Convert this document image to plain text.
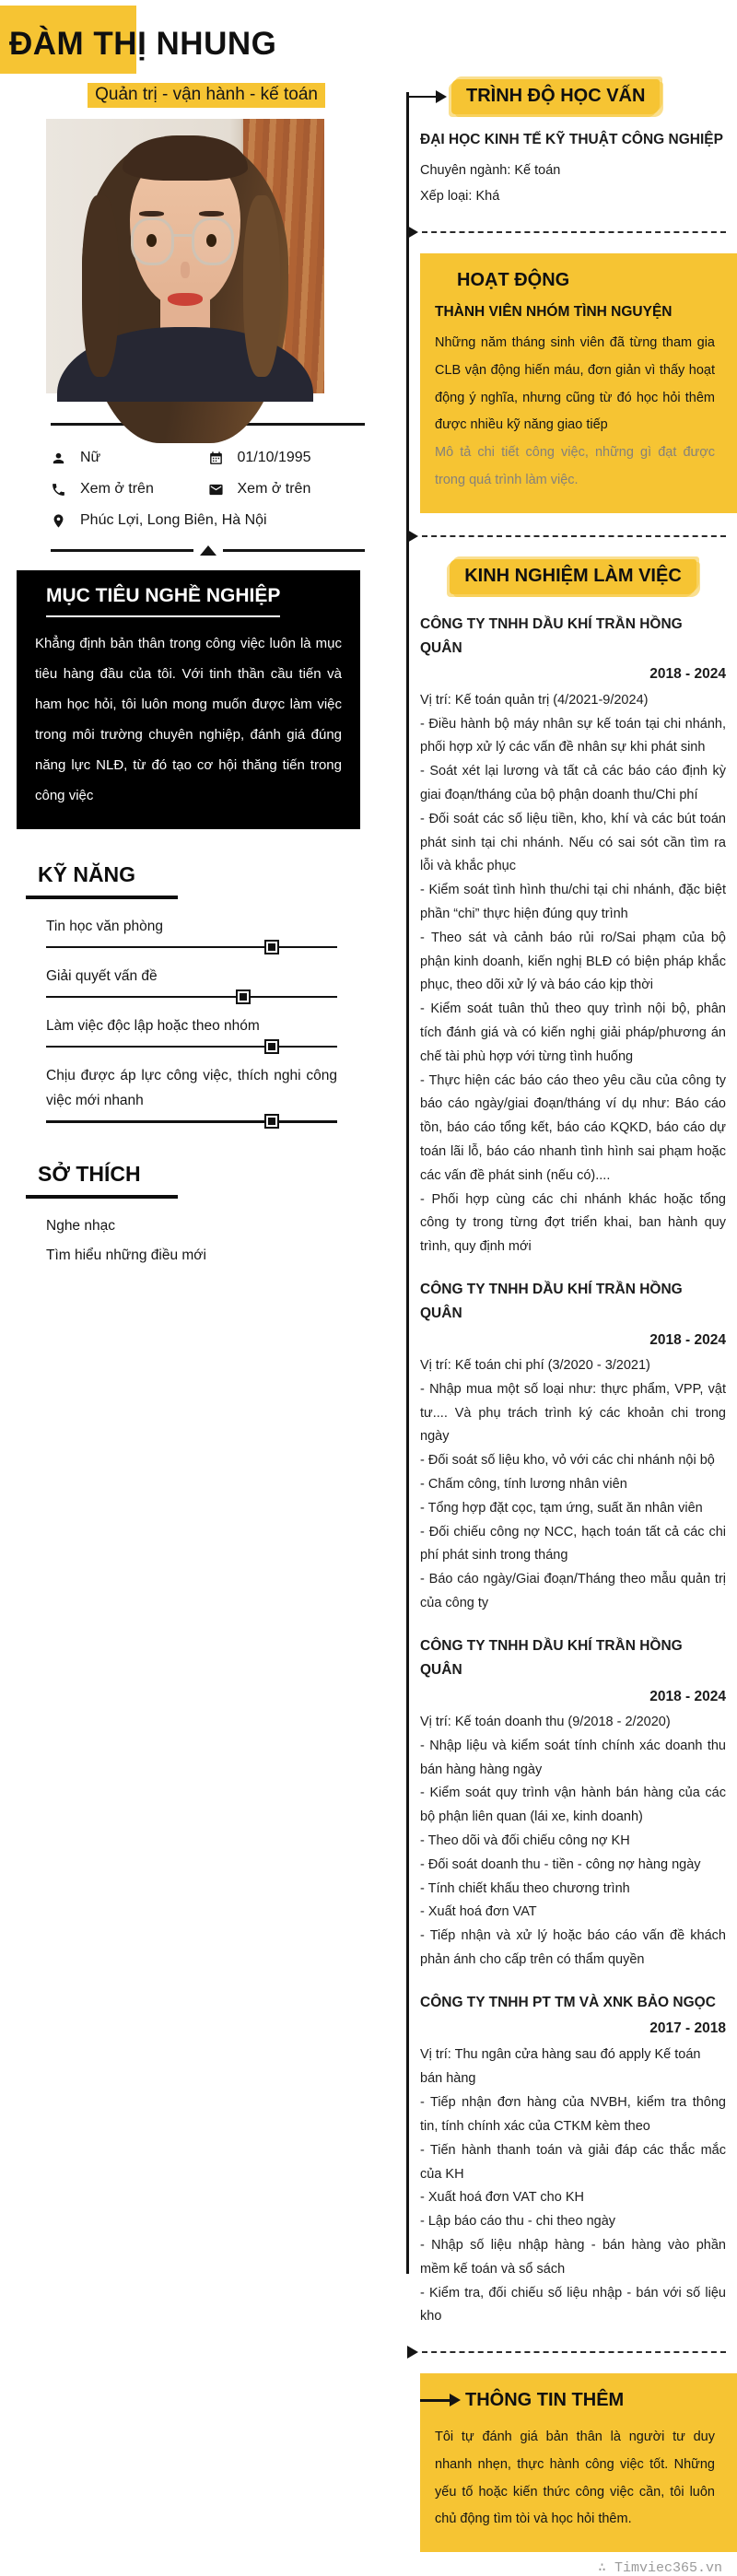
ĐÀM THỊ NHUNG
Quản trị - vận hành - kế toán
Nữ	01/10/1995
Xem ở trên	Xem ở trên
Phúc Lợi, Long Biên, Hà Nội
MỤC TIÊU NGHỀ NGHIỆP

Khẳng định bản thân trong công việc luôn là mục tiêu hàng đầu của tôi. Với tinh thần cầu tiến và ham học hỏi, tôi luôn mong muốn được làm việc trong môi trường chuyên nghiệp, đánh giá đúng năng lực NLĐ, từ đó tạo cơ hội thăng tiến trong công việc

KỸ NĂNG
Tin học văn phòng
Giải quyết vấn đề
Làm việc độc lập hoặc theo nhóm
Chịu được áp lực công việc, thích nghi công việc mới nhanh
SỞ THÍCH

Nghe nhạc

Tìm hiểu những điều mới

TRÌNH ĐỘ HỌC VẤN
ĐẠI HỌC KINH TẾ KỸ THUẬT CÔNG NGHIỆP

Chuyên ngành: Kế toán

Xếp loại: Khá

HOẠT ĐỘNG
THÀNH VIÊN NHÓM TÌNH NGUYỆN

Những năm tháng sinh viên đã từng tham gia CLB vận động hiến máu, đơn giản vì thấy hoạt động ý nghĩa, nhưng cũng từ đó học hỏi thêm được nhiều kỹ năng giao tiếp

Mô tả chi tiết công việc, những gì đạt được trong quá trình làm việc.

KINH NGHIỆM LÀM VIỆC
CÔNG TY TNHH DẦU KHÍ TRẦN HỒNG QUÂN
2018 - 2024
Vị trí: Kế toán quản trị (4/2021-9/2024)

- Điều hành bộ máy nhân sự kế toán tại chi nhánh, phối hợp xử lý các vấn đề nhân sự khi phát sinh

- Soát xét lại lương và tất cả các báo cáo định kỳ giai đoạn/tháng của bộ phận doanh thu/Chi phí

- Đối soát các số liệu tiền, kho, khí và các bút toán phát sinh tại chi nhánh. Nếu có sai sót cần tìm ra lỗi và khắc phục

- Kiểm soát tình hình thu/chi tại chi nhánh, đặc biệt phần “chi” thực hiện đúng quy trình

- Theo sát và cảnh báo rủi ro/Sai phạm của bộ phận kinh doanh, kiến nghị BLĐ có biện pháp khắc phục, theo dõi xử lý và báo cáo kịp thời

- Kiểm soát tuân thủ theo quy trình nội bộ, phân tích đánh giá và có kiến nghị giải pháp/phương án chế tài phù hợp với từng tình huống

- Thực hiện các báo cáo theo yêu cầu của công ty báo cáo ngày/giai đoạn/tháng ví dụ như: Báo cáo tồn, báo cáo tổng kết, báo cáo KQKD, báo cáo dự toán lãi lỗ, báo cáo nhanh tình hình sai phạm hoặc các vấn đề phát sinh (nếu có)....

- Phối hợp cùng các chi nhánh khác hoặc tổng công ty trong từng đợt triển khai, ban hành quy trình, quy định mới

CÔNG TY TNHH DẦU KHÍ TRẦN HỒNG QUÂN
2018 - 2024
Vị trí: Kế toán chi phí (3/2020 - 3/2021)

- Nhập mua một số loại như: thực phẩm, VPP, vật tư.... Và phụ trách trình ký các khoản chi trong ngày

- Đối soát số liệu kho, vỏ với các chi nhánh nội bộ

- Chấm công, tính lương nhân viên

- Tổng hợp đặt cọc, tạm ứng, suất ăn nhân viên

- Đối chiếu công nợ NCC, hạch toán tất cả các chi phí phát sinh trong tháng

- Báo cáo ngày/Giai đoạn/Tháng theo mẫu quản trị của công ty

CÔNG TY TNHH DẦU KHÍ TRẦN HỒNG QUÂN
2018 - 2024
Vị trí: Kế toán doanh thu (9/2018 - 2/2020)

- Nhập liệu và kiểm soát tính chính xác doanh thu bán hàng hàng ngày

- Kiểm soát quy trình vận hành bán hàng của các bộ phận liên quan (lái xe, kinh doanh)

- Theo dõi và đối chiếu công nợ KH

- Đối soát doanh thu - tiền - công nợ hàng ngày

- Tính chiết khấu theo chương trình

- Xuất hoá đơn VAT

- Tiếp nhận và xử lý hoặc báo cáo vấn đề khách phản ánh cho cấp trên có thẩm quyền

CÔNG TY TNHH PT TM VÀ XNK BẢO NGỌC
2017 - 2018
Vị trí: Thu ngân cửa hàng sau đó apply Kế toán bán hàng

- Tiếp nhận đơn hàng của NVBH, kiểm tra thông tin, tính chính xác của CTKM kèm theo

- Tiến hành thanh toán và giải đáp các thắc mắc của KH

- Xuất hoá đơn VAT cho KH

- Lập báo cáo thu - chi theo ngày

- Nhập số liệu nhập hàng - bán hàng vào phần mềm kế toán và sổ sách

- Kiểm tra, đối chiếu số liệu nhập - bán với số liệu kho

THÔNG TIN THÊM

Tôi tự đánh giá bản thân là người tư duy nhanh nhẹn, thực hành công việc tốt. Những yếu tố hoặc kiến thức công việc cần, tôi luôn chủ động tìm tòi và học hỏi thêm.

∴ Timviec365.vn
